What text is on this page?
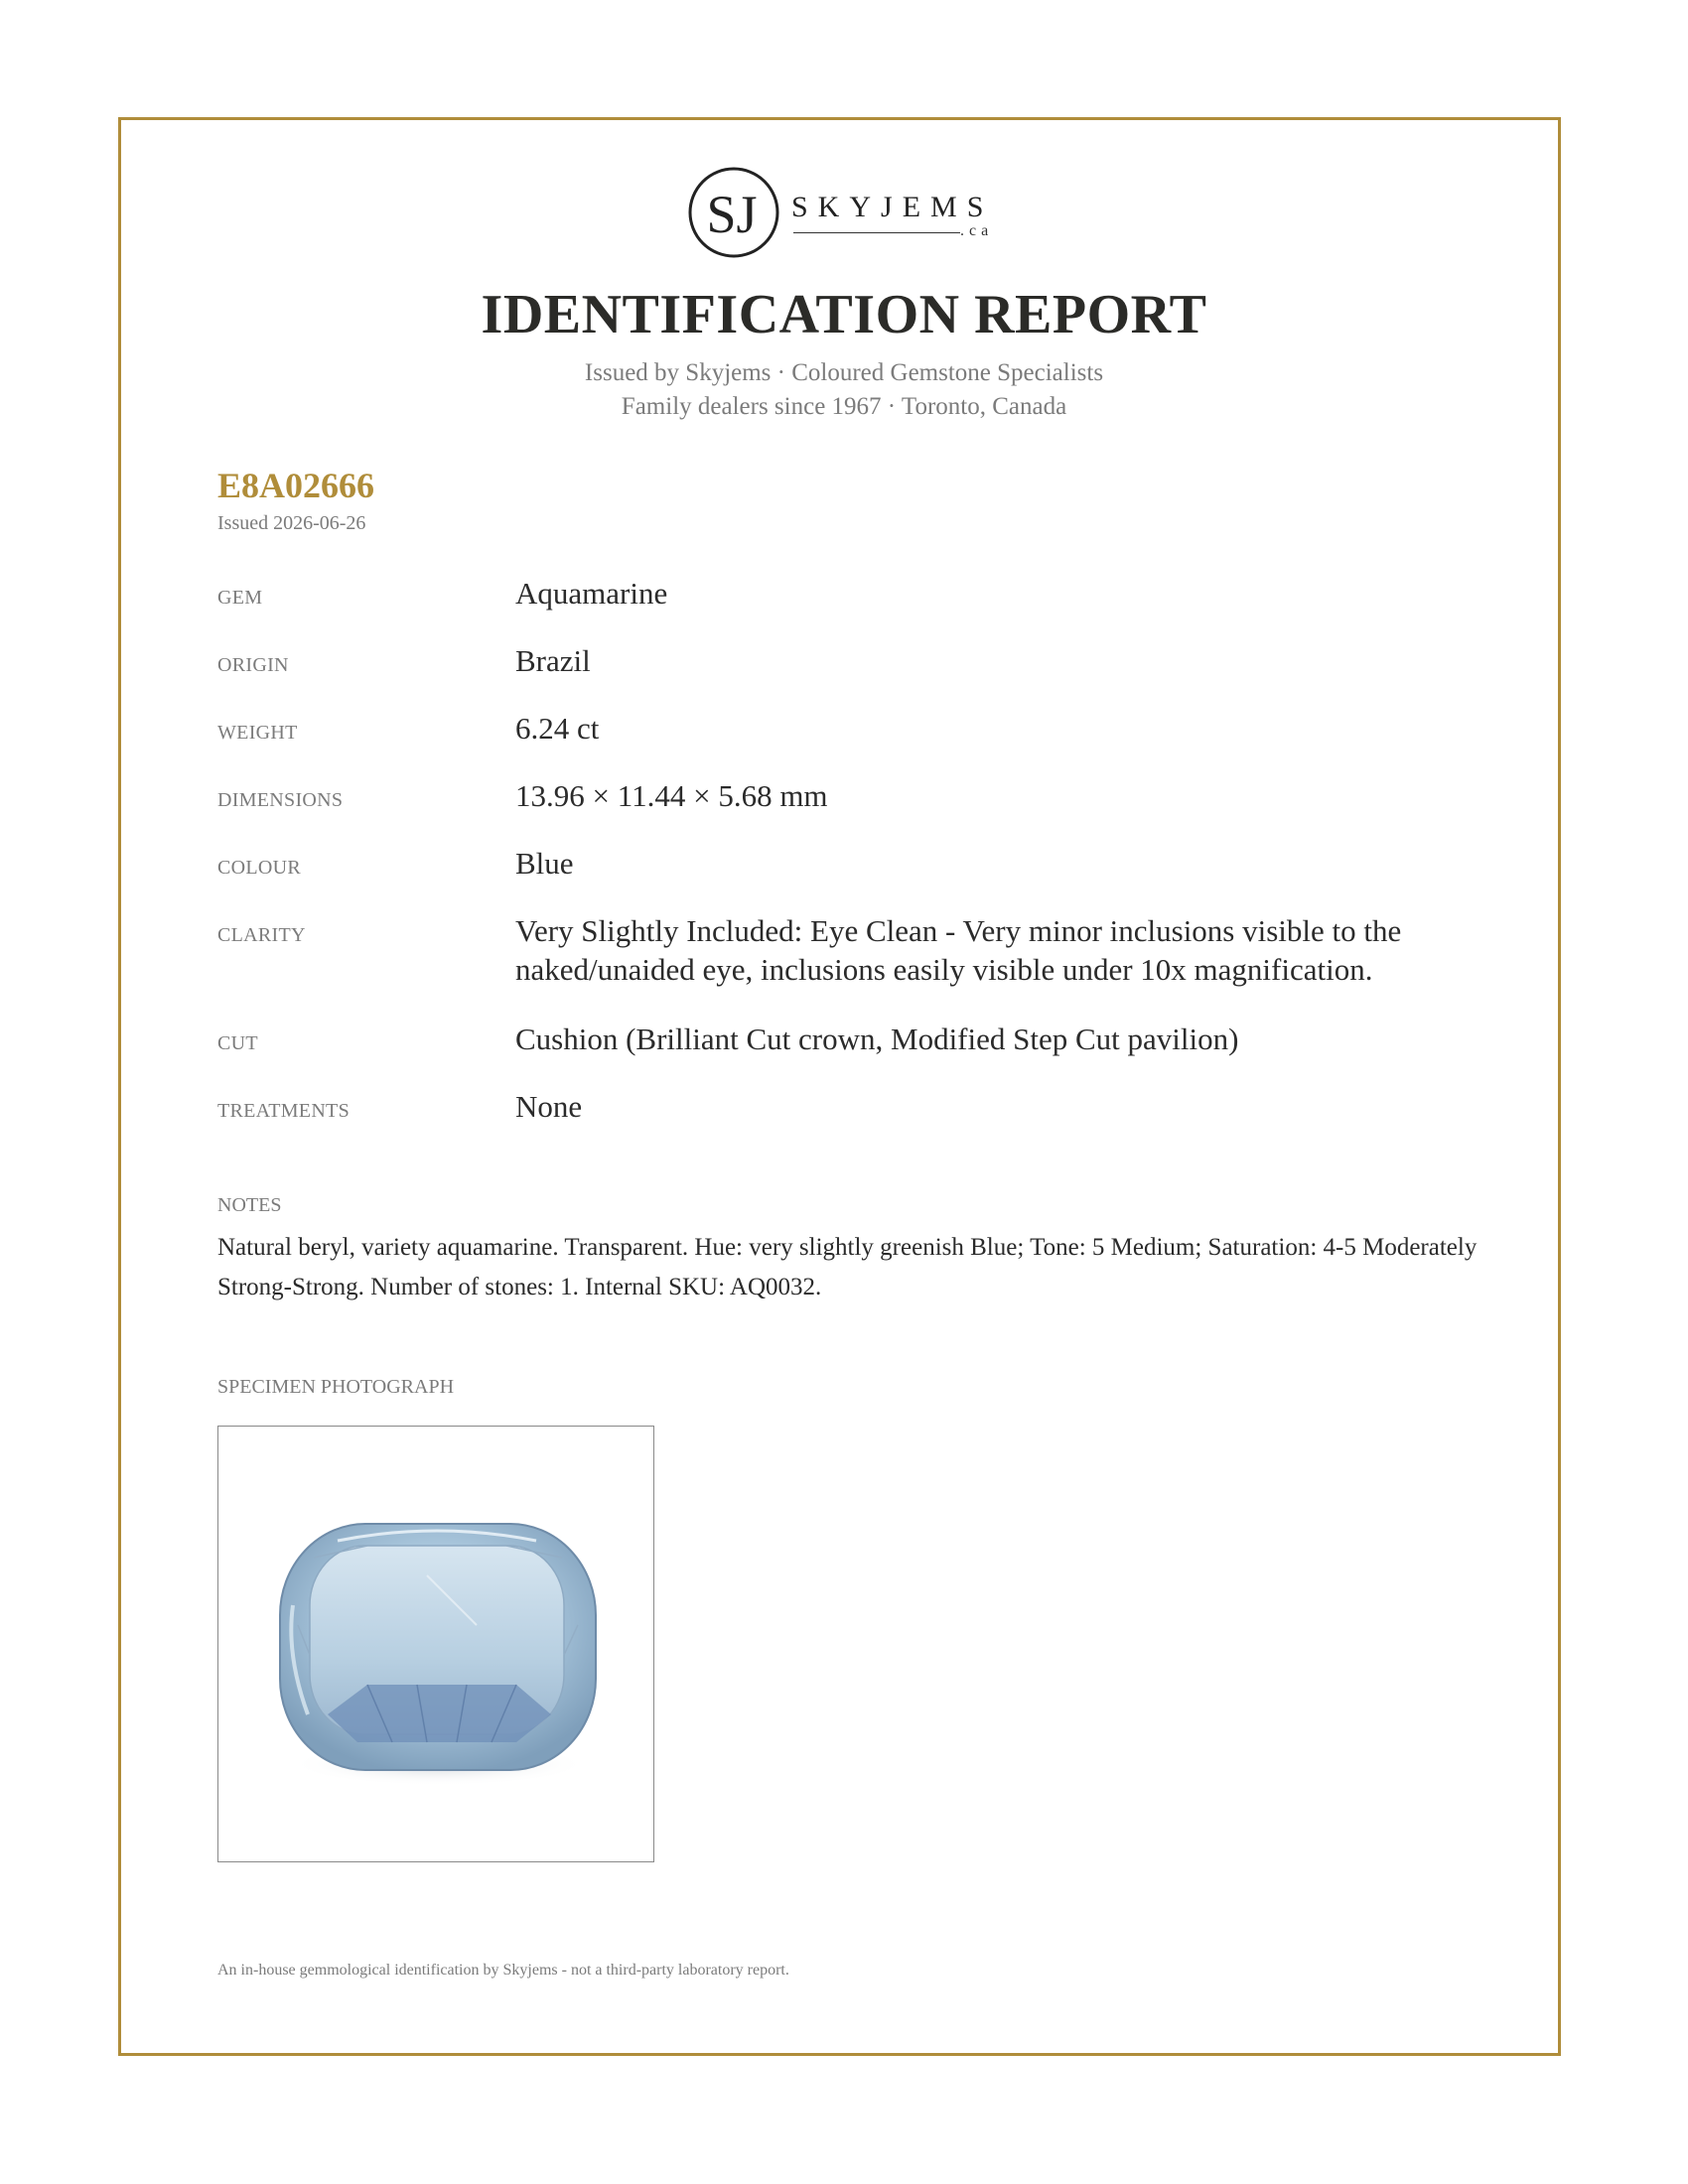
SJ SKYJEMS
.ca
IDENTIFICATION REPORT
Issued by Skyjems · Coloured Gemstone Specialists
Family dealers since 1967 · Toronto, Canada
E8A02666
Issued 2026-06-26
GEM	Aquamarine
ORIGIN	Brazil
WEIGHT	6.24 ct
DIMENSIONS	13.96 × 11.44 × 5.68 mm
COLOUR	Blue
CLARITY	Very Slightly Included: Eye Clean - Very minor inclusions visible to the naked/unaided eye, inclusions easily visible under 10x magnification.
CUT	Cushion (Brilliant Cut crown, Modified Step Cut pavilion)
TREATMENTS	None
NOTES
Natural beryl, variety aquamarine. Transparent. Hue: very slightly greenish Blue; Tone: 5 Medium; Saturation: 4-5 Moderately Strong-Strong. Number of stones: 1. Internal SKU: AQ0032.
SPECIMEN PHOTOGRAPH
An in-house gemmological identification by Skyjems - not a third-party laboratory report.
